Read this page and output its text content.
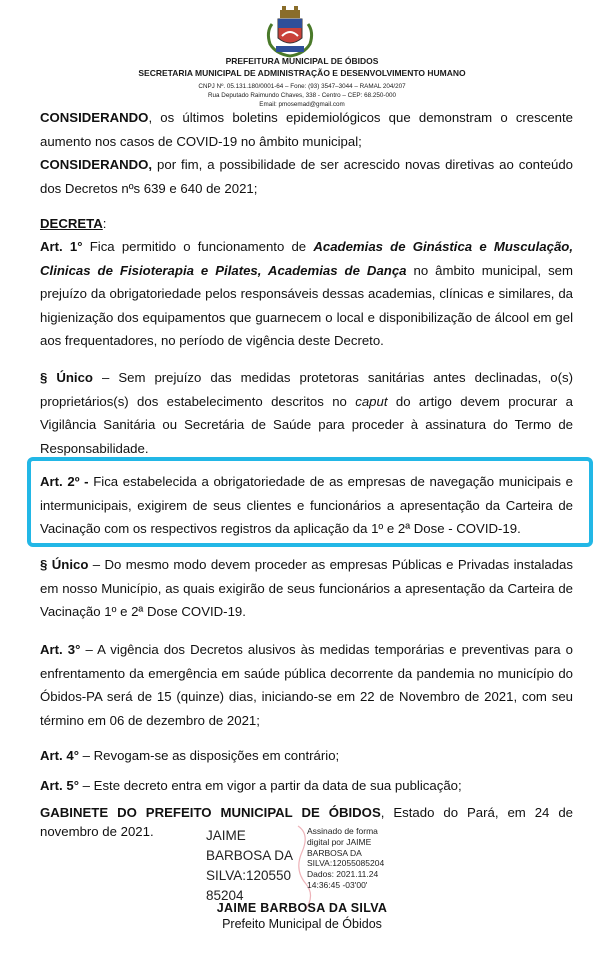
PREFEITURA MUNICIPAL DE ÓBIDOS
SECRETARIA MUNICIPAL DE ADMINISTRAÇÃO E DESENVOLVIMENTO HUMANO
CNPJ Nº. 05.131.180/0001-64 – Fone: (93) 3547–3044 – RAMAL 204/207
Rua Deputado Raimundo Chaves, 338 - Centro – CEP: 68.250-000
Email: pmosemad@gmail.com
CONSIDERANDO, os últimos boletins epidemiológicos que demonstram o crescente aumento nos casos de COVID-19 no âmbito municipal;
CONSIDERANDO, por fim, a possibilidade de ser acrescido novas diretivas ao conteúdo dos Decretos nºs 639 e 640 de 2021;
DECRETA:
Art. 1° Fica permitido o funcionamento de Academias de Ginástica e Musculação, Clinicas de Fisioterapia e Pilates, Academias de Dança no âmbito municipal, sem prejuízo da obrigatoriedade pelos responsáveis dessas academias, clínicas e similares, da higienização dos equipamentos que guarnecem o local e disponibilização de álcool em gel aos frequentadores, no período de vigência deste Decreto.
§ Único – Sem prejuízo das medidas protetoras sanitárias antes declinadas, o(s) proprietários(s) dos estabelecimento descritos no caput do artigo devem procurar a Vigilância Sanitária ou Secretária de Saúde para proceder à assinatura do Termo de Responsabilidade.
Art. 2º - Fica estabelecida a obrigatoriedade de as empresas de navegação municipais e intermunicipais, exigirem de seus clientes e funcionários a apresentação da Carteira de Vacinação com os respectivos registros da aplicação da 1º e 2ª Dose - COVID-19.
§ Único – Do mesmo modo devem proceder as empresas Públicas e Privadas instaladas em nosso Município, as quais exigirão de seus funcionários a apresentação da Carteira de Vacinação 1º e 2ª Dose COVID-19.
Art. 3° – A vigência dos Decretos alusivos às medidas temporárias e preventivas para o enfrentamento da emergência em saúde pública decorrente da pandemia no município do Óbidos-PA será de 15 (quinze) dias, iniciando-se em 22 de Novembro de 2021, com seu término em 06 de dezembro de 2021;
Art. 4° – Revogam-se as disposições em contrário;
Art. 5° – Este decreto entra em vigor a partir da data de sua publicação;
GABINETE DO PREFEITO MUNICIPAL DE ÓBIDOS, Estado do Pará, em 24 de novembro de 2021.	JAIME
BARBOSA DA
SILVA:120550
85204
Assinado de forma
digital por JAIME
BARBOSA DA
SILVA:12055085204
Dados: 2021.11.24
14:36:45 -03'00'
JAIME BARBOSA DA SILVA
Prefeito Municipal de Óbidos
